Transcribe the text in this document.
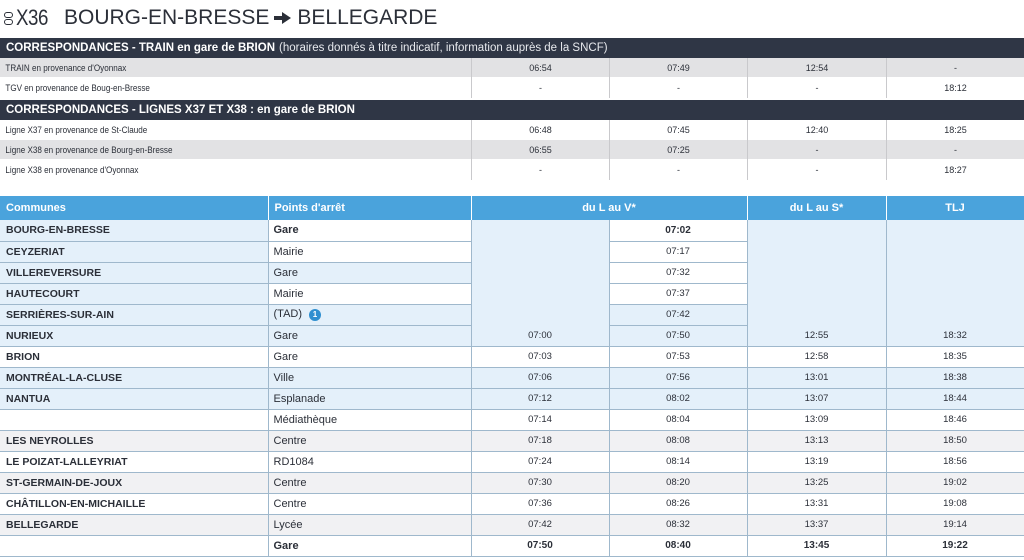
X36 BOURG-EN-BRESSE BELLEGARDE
CORRESPONDANCES - TRAIN en gare de BRION (horaires donnés à titre indicatif, information auprès de la SNCF)
TRAIN en provenance d'Oyonnax	06:54	07:49	12:54	-
TGV en provenance de Boug-en-Bresse	-	-	-	18:12
CORRESPONDANCES - LIGNES X37 ET X38 : en gare de BRION
Ligne X37 en provenance de St-Claude	06:48	07:45	12:40	18:25
Ligne X38 en provenance de Bourg-en-Bresse	06:55	07:25	-	-
Ligne X38 en provenance d'Oyonnax	-	-	-	18:27
Communes	Points d'arrêt	du L au V*		du L au S*	TLJ
BOURG-EN-BRESSE	Gare		07:02		
CEYZERIAT	Mairie		07:17		
VILLEREVERSURE	Gare		07:32		
HAUTECOURT	Mairie		07:37		
SERRIÈRES-SUR-AIN	(TAD) 1		07:42		
NURIEUX	Gare	07:00	07:50	12:55	18:32
BRION	Gare	07:03	07:53	12:58	18:35
MONTRÉAL-LA-CLUSE	Ville	07:06	07:56	13:01	18:38
NANTUA	Esplanade	07:12	08:02	13:07	18:44
	Médiathèque	07:14	08:04	13:09	18:46
LES NEYROLLES	Centre	07:18	08:08	13:13	18:50
LE POIZAT-LALLEYRIAT	RD1084	07:24	08:14	13:19	18:56
ST-GERMAIN-DE-JOUX	Centre	07:30	08:20	13:25	19:02
CHÂTILLON-EN-MICHAILLE	Centre	07:36	08:26	13:31	19:08
BELLEGARDE	Lycée	07:42	08:32	13:37	19:14
	Gare	07:50	08:40	13:45	19:22
